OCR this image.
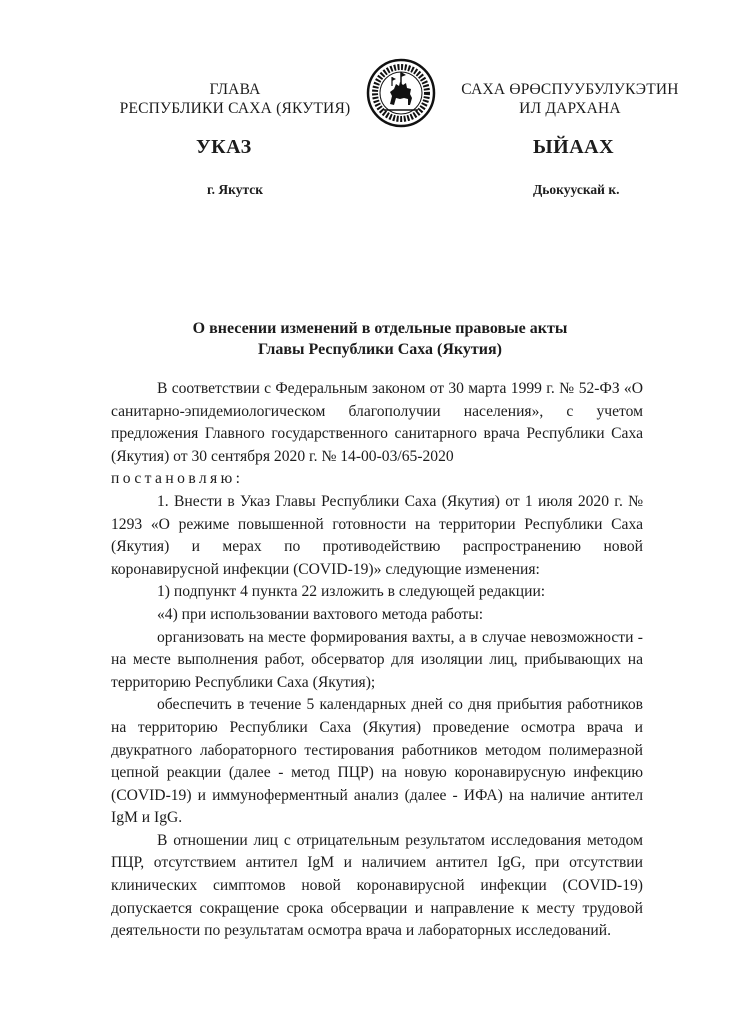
ГЛАВА
РЕСПУБЛИКИ САХА (ЯКУТИЯ)
САХА ӨРӨСПУУБУЛУКЭТИН
ИЛ ДАРХАНА
УКАЗ	ЫЙААХ
г. Якутск	Дьокуускай к.
О внесении изменений в отдельные правовые акты
Главы Республики Саха (Якутия)

В соответствии с Федеральным законом от 30 марта 1999 г. № 52-ФЗ «О санитарно-эпидемиологическом благополучии населения», с учетом предложения Главного государственного санитарного врача Республики Саха (Якутия) от 30 сентября 2020 г. № 14-00-03/65-2020

постановляю:

1. Внести в Указ Главы Республики Саха (Якутия) от 1 июля 2020 г. № 1293 «О режиме повышенной готовности на территории Республики Саха (Якутия) и мерах по противодействию распространению новой коронавирусной инфекции (COVID-19)» следующие изменения:

1) подпункт 4 пункта 22 изложить в следующей редакции:

«4) при использовании вахтового метода работы:

организовать на месте формирования вахты, а в случае невозможности - на месте выполнения работ, обсерватор для изоляции лиц, прибывающих на территорию Республики Саха (Якутия);

обеспечить в течение 5 календарных дней со дня прибытия работников на территорию Республики Саха (Якутия) проведение осмотра врача и двукратного лабораторного тестирования работников методом полимеразной цепной реакции (далее - метод ПЦР) на новую коронавирусную инфекцию (COVID-19) и иммуноферментный анализ (далее - ИФА) на наличие антител IgM и IgG.

В отношении лиц с отрицательным результатом исследования методом ПЦР, отсутствием антител IgM и наличием антител IgG, при отсутствии клинических симптомов новой коронавирусной инфекции (COVID-19) допускается сокращение срока обсервации и направление к месту трудовой деятельности по результатам осмотра врача и лабораторных исследований.
